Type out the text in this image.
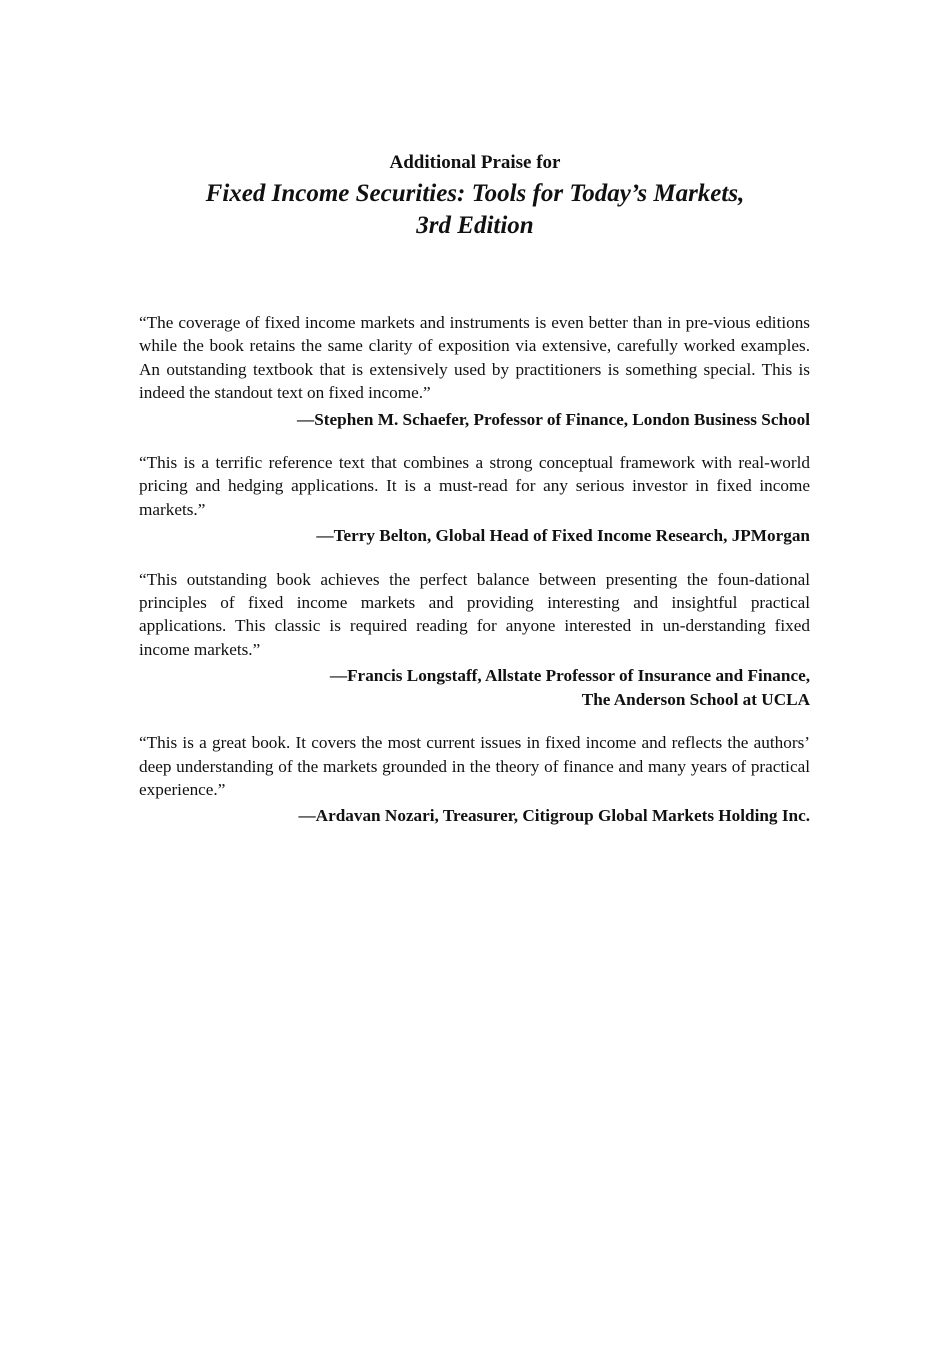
Additional Praise for
Fixed Income Securities: Tools for Today’s Markets,
3rd Edition

“The coverage of fixed income markets and instruments is even better than in pre-vious editions while the book retains the same clarity of exposition via extensive, carefully worked examples. An outstanding textbook that is extensively used by practitioners is something special. This is indeed the standout text on fixed income.”

—Stephen M. Schaefer, Professor of Finance, London Business School

“This is a terrific reference text that combines a strong conceptual framework with real-world pricing and hedging applications. It is a must-read for any serious investor in fixed income markets.”

—Terry Belton, Global Head of Fixed Income Research, JPMorgan

“This outstanding book achieves the perfect balance between presenting the foun-dational principles of fixed income markets and providing interesting and insightful practical applications. This classic is required reading for anyone interested in un-derstanding fixed income markets.”

—Francis Longstaff, Allstate Professor of Insurance and Finance,
The Anderson School at UCLA

“This is a great book. It covers the most current issues in fixed income and reflects the authors’ deep understanding of the markets grounded in the theory of finance and many years of practical experience.”

—Ardavan Nozari, Treasurer, Citigroup Global Markets Holding Inc.
